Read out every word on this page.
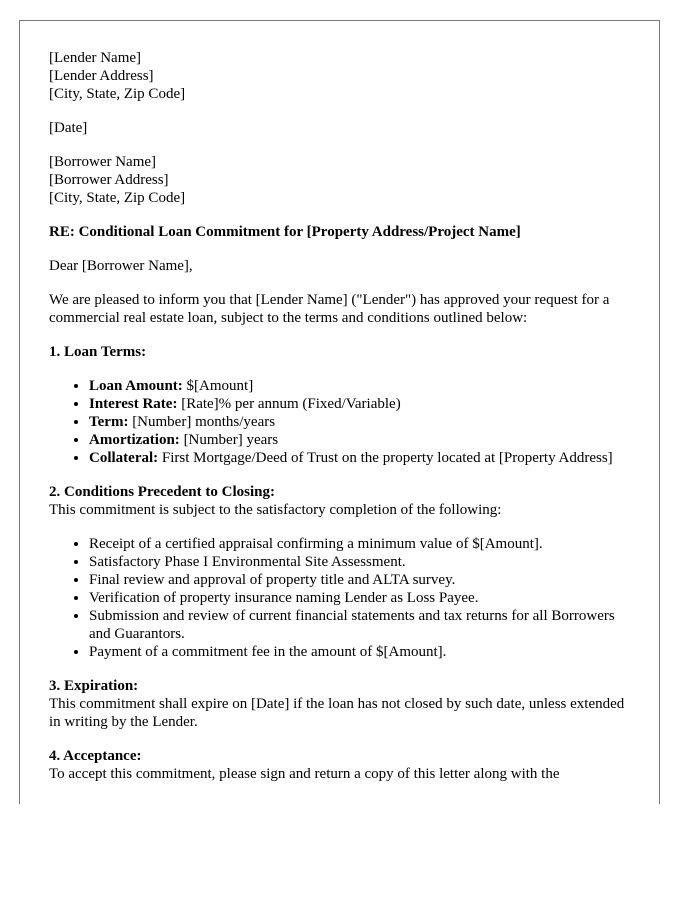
[Lender Name]
[Lender Address]
[City, State, Zip Code]
[Date]
[Borrower Name]
[Borrower Address]
[City, State, Zip Code]

RE: Conditional Loan Commitment for [Property Address/Project Name]

Dear [Borrower Name],

We are pleased to inform you that [Lender Name] ("Lender") has approved your request for a commercial real estate loan, subject to the terms and conditions outlined below:

1. Loan Terms:

• Loan Amount: $[Amount]
• Interest Rate: [Rate]% per annum (Fixed/Variable)
• Term: [Number] months/years
• Amortization: [Number] years
• Collateral: First Mortgage/Deed of Trust on the property located at [Property Address]
2. Conditions Precedent to Closing:
This commitment is subject to the satisfactory completion of the following:
• Receipt of a certified appraisal confirming a minimum value of $[Amount].
• Satisfactory Phase I Environmental Site Assessment.
• Final review and approval of property title and ALTA survey.
• Verification of property insurance naming Lender as Loss Payee.
• Submission and review of current financial statements and tax returns for all Borrowers and Guarantors.
• Payment of a commitment fee in the amount of $[Amount].
3. Expiration:
This commitment shall expire on [Date] if the loan has not closed by such date, unless extended in writing by the Lender.
4. Acceptance:
To accept this commitment, please sign and return a copy of this letter along with the
